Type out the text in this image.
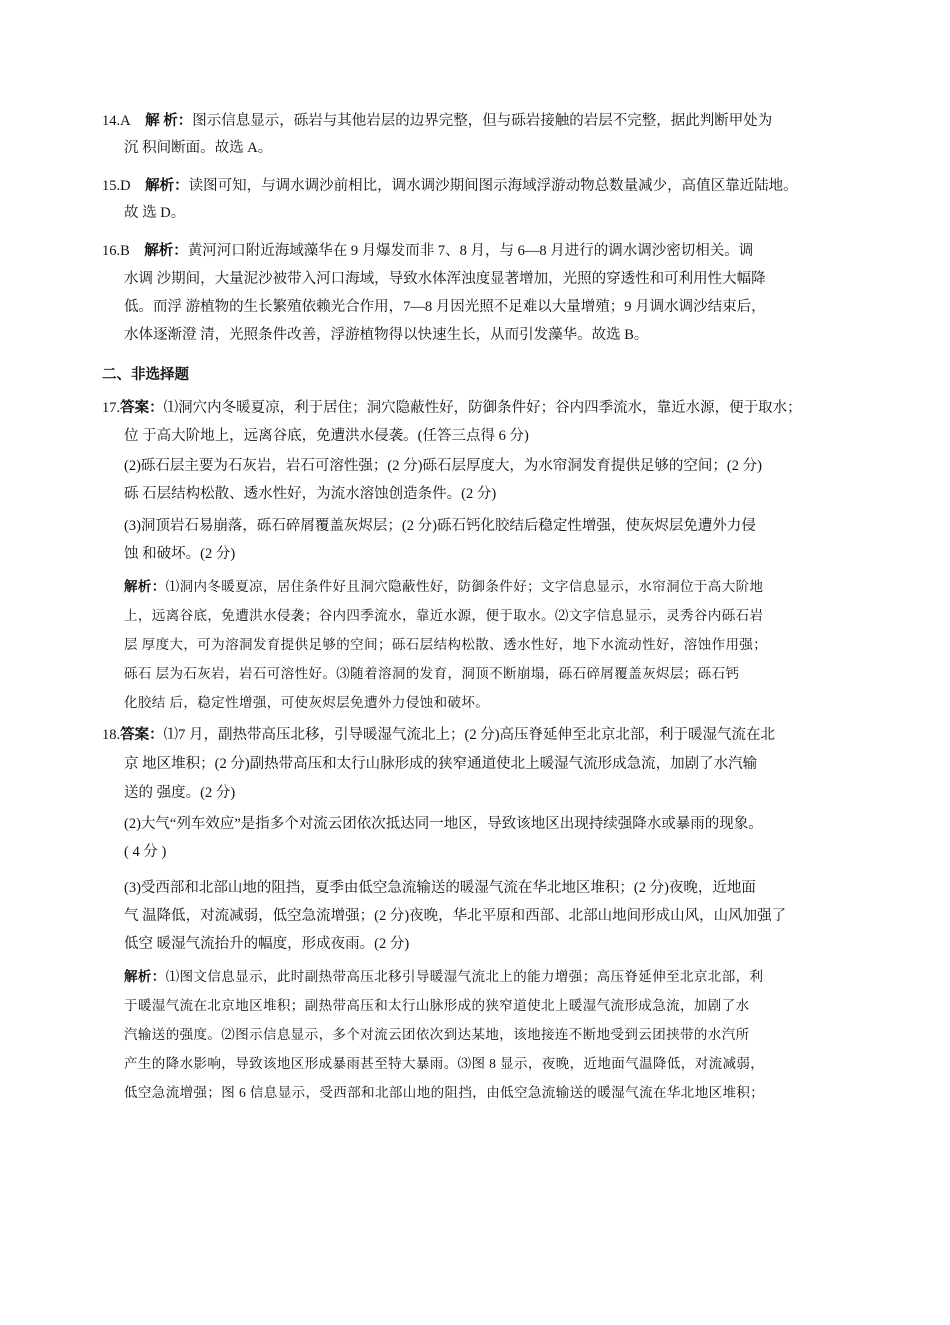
14.A 解 析：图示信息显示，砾岩与其他岩层的边界完整，但与砾岩接触的岩层不完整，据此判断甲处为

沉 积间断面。故选 A。

15.D 解析：读图可知，与调水调沙前相比，调水调沙期间图示海域浮游动物总数量减少，高值区靠近陆地。

故 选 D。

16.B 解析：黄河河口附近海域藻华在 9 月爆发而非 7、8 月，与 6—8 月进行的调水调沙密切相关。调

水调 沙期间，大量泥沙被带入河口海域，导致水体浑浊度显著增加，光照的穿透性和可利用性大幅降

低。而浮 游植物的生长繁殖依赖光合作用，7—8 月因光照不足难以大量增殖；9 月调水调沙结束后，

水体逐渐澄 清，光照条件改善，浮游植物得以快速生长，从而引发藻华。故选 B。

二、非选择题

17.答案：⑴洞穴内冬暖夏凉，利于居住；洞穴隐蔽性好，防御条件好；谷内四季流水，靠近水源，便于取水；

位 于高大阶地上，远离谷底，免遭洪水侵袭。(任答三点得 6 分)

(2)砾石层主要为石灰岩，岩石可溶性强；(2 分)砾石层厚度大，为水帘洞发育提供足够的空间；(2 分)

砾 石层结构松散、透水性好，为流水溶蚀创造条件。(2 分)

(3)洞顶岩石易崩落，砾石碎屑覆盖灰烬层；(2 分)砾石钙化胶结后稳定性增强，使灰烬层免遭外力侵

蚀 和破坏。(2 分)

解析：⑴洞内冬暖夏凉，居住条件好且洞穴隐蔽性好，防御条件好；文字信息显示，水帘洞位于高大阶地

上，远离谷底，免遭洪水侵袭；谷内四季流水，靠近水源，便于取水。⑵文字信息显示，灵秀谷内砾石岩

层 厚度大，可为溶洞发育提供足够的空间；砾石层结构松散、透水性好，地下水流动性好，溶蚀作用强；

砾石 层为石灰岩，岩石可溶性好。⑶随着溶洞的发育，洞顶不断崩塌，砾石碎屑覆盖灰烬层；砾石钙

化胶结 后，稳定性增强，可使灰烬层免遭外力侵蚀和破坏。

18.答案：⑴7 月，副热带高压北移，引导暖湿气流北上；(2 分)高压脊延伸至北京北部，利于暖湿气流在北

京 地区堆积；(2 分)副热带高压和太行山脉形成的狭窄通道使北上暖湿气流形成急流，加剧了水汽输

送的 强度。(2 分)

(2)大气“列车效应”是指多个对流云团依次抵达同一地区，导致该地区出现持续强降水或暴雨的现象。

( 4 分 )

(3)受西部和北部山地的阻挡，夏季由低空急流输送的暖湿气流在华北地区堆积；(2 分)夜晚，近地面

气 温降低，对流减弱，低空急流增强；(2 分)夜晚，华北平原和西部、北部山地间形成山风，山风加强了

低空 暖湿气流抬升的幅度，形成夜雨。(2 分)

解析：⑴图文信息显示，此时副热带高压北移引导暖湿气流北上的能力增强；高压脊延伸至北京北部，利

于暖湿气流在北京地区堆积；副热带高压和太行山脉形成的狭窄道使北上暖湿气流形成急流，加剧了水

汽输送的强度。⑵图示信息显示，多个对流云团依次到达某地，该地接连不断地受到云团挟带的水汽所

产生的降水影响，导致该地区形成暴雨甚至特大暴雨。⑶图 8 显示，夜晚，近地面气温降低，对流减弱，

低空急流增强；图 6 信息显示，受西部和北部山地的阻挡，由低空急流输送的暖湿气流在华北地区堆积；
